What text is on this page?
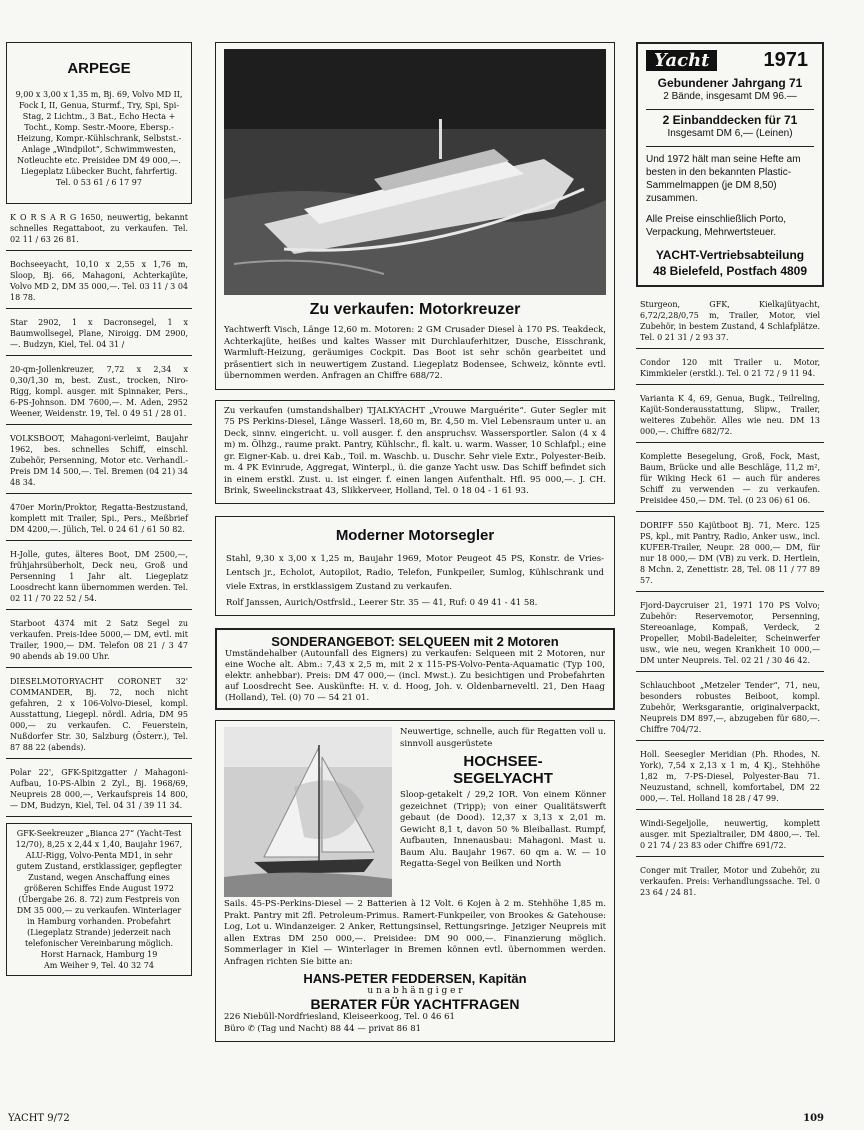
ARPEGE

9,00 x 3,00 x 1,35 m, Bj. 69, Volvo MD II, Fock I, II, Genua, Sturmf., Try, Spi, Spi-Stag, 2 Lichtm., 3 Bat., Echo Hecta + Tocht., Komp. Sestr.-Moore, Ebersp.-Heizung, Kompr.-Kühlschrank, Selbstst.-Anlage „Windpilot“, Schwimmwesten, Notleuchte etc. Preisidee DM 49 000,—. Liegeplatz Lübecker Bucht, fahrfertig. Tel. 0 53 61 / 6 17 97

K O R S A R G 1650, neuwertig, bekannt schnelles Regattaboot, zu verkaufen. Tel. 02 11 / 63 26 81.
Bochseeyacht, 10,10 x 2,55 x 1,76 m, Sloop, Bj. 66, Mahagoni, Achterkajüte, Volvo MD 2, DM 35 000,—. Tel. 03 11 / 3 04 18 78.
Star 2902, 1 x Dacronsegel, 1 x Baumwollsegel, Plane, Niroigg. DM 2900,—. Budzyn, Kiel, Tel. 04 31 /
20-qm-Jollenkreuzer, 7,72 x 2,34 x 0,30/1,30 m, best. Zust., trocken, Niro-Rigg, kompl. ausger. mit Spinnaker, Pers., 6-PS-Johnson. DM 7600,—. M. Aden, 2952 Weener, Weidenstr. 19, Tel. 0 49 51 / 28 01.
VOLKSBOOT, Mahagoni-verleimt, Baujahr 1962, bes. schnelles Schiff, einschl. Zubehör, Persenning, Motor etc. Verhandl.-Preis DM 14 500,—. Tel. Bremen (04 21) 34 48 34.
470er Morin/Proktor, Regatta-Bestzustand, komplett mit Trailer, Spi., Pers., Meßbrief DM 4200,—. Jülich, Tel. 0 24 61 / 61 50 82.
H-Jolle, gutes, älteres Boot, DM 2500,—, frühjahrsüberholt, Deck neu, Groß und Persenning 1 Jahr alt. Liegeplatz Loosdrecht kann übernommen werden. Tel. 02 11 / 70 22 52 / 54.
Starboot 4374 mit 2 Satz Segel zu verkaufen. Preis-Idee 5000,— DM, evtl. mit Trailer, 1900,— DM. Telefon 08 21 / 3 47 90 abends ab 19.00 Uhr.
DIESELMOTORYACHT CORONET 32' COMMANDER, Bj. 72, noch nicht gefahren, 2 x 106-Volvo-Diesel, kompl. Ausstattung, Liegepl. nördl. Adria, DM 95 000,— zu verkaufen. C. Feuerstein, Nußdorfer Str. 30, Salzburg (Österr.), Tel. 87 88 22 (abends).
Polar 22', GFK-Spitzgatter / Mahagoni-Aufbau, 10-PS-Albin 2 Zyl., Bj. 1968/69, Neupreis 28 000,—, Verkaufspreis 14 800,— DM, Budzyn, Kiel, Tel. 04 31 / 39 11 34.
GFK-Seekreuzer „Bianca 27“ (Yacht-Test 12/70), 8,25 x 2,44 x 1,40, Baujahr 1967, ALU-Rigg, Volvo-Penta MD1, in sehr gutem Zustand, erstklassiger, gepflegter Zustand, wegen Anschaffung eines größeren Schiffes Ende August 1972 (Übergabe 26. 8. 72) zum Festpreis von DM 35 000,— zu verkaufen. Winterlager in Hamburg vorhanden. Probefahrt (Liegeplatz Strande) jederzeit nach telefonischer Vereinbarung möglich.
Horst Harnack, Hamburg 19
Am Weiher 9, Tel. 40 32 74
Zu verkaufen: Motorkreuzer
Yachtwerft Visch, Länge 12,60 m. Motoren: 2 GM Crusader Diesel à 170 PS. Teakdeck, Achterkajüte, heißes und kaltes Wasser mit Durchlauferhitzer, Dusche, Eisschrank, Warmluft-Heizung, geräumiges Cockpit. Das Boot ist sehr schön gearbeitet und präsentiert sich in neuwertigem Zustand. Liegeplatz Bodensee, Schweiz, könnte evtl. übernommen werden. Anfragen an Chiffre 688/72.
Zu verkaufen (umstandshalber) TJALKYACHT „Vrouwe Marguérite“. Guter Segler mit 75 PS Perkins-Diesel, Länge Wasserl. 18,60 m, Br. 4,50 m. Viel Lebensraum unter u. an Deck, sinnv. eingericht. u. voll ausger. f. den anspruchsv. Wassersportler. Salon (4 x 4 m) m. Ölhzg., raume prakt. Pantry, Kühlschr., fl. kalt. u. warm. Wasser, 10 Schlafpl.; eine gr. Eigner-Kab. u. drei Kab., Toil. m. Waschb. u. Duschr. Sehr viele Extr., Polyester-Beib. m. 4 PK Evinrude, Aggregat, Winterpl., ü. die ganze Yacht usw. Das Schiff befindet sich in einem erstkl. Zust. u. ist einger. f. einen langen Aufenthalt. Hfl. 95 000,—. J. CH. Brink, Sweelinckstraat 43, Slikkerveer, Holland, Tel. 0 18 04 - 1 61 93.
Moderner Motorsegler
Stahl, 9,30 x 3,00 x 1,25 m, Baujahr 1969, Motor Peugeot 45 PS, Konstr. de Vries-Lentsch jr., Echolot, Autopilot, Radio, Telefon, Funkpeiler, Sumlog, Kühlschrank und viele Extras, in erstklassigem Zustand zu verkaufen.
Rolf Janssen, Aurich/Ostfrsld., Leerer Str. 35 — 41, Ruf: 0 49 41 - 41 58.
SONDERANGEBOT: SELQUEEN mit 2 Motoren
Umständehalber (Autounfall des Eigners) zu verkaufen: Selqueen mit 2 Motoren, nur eine Woche alt. Abm.: 7,43 x 2,5 m, mit 2 x 115-PS-Volvo-Penta-Aquamatic (Typ 100, elektr. anhebbar). Preis: DM 47 000,— (incl. Mwst.). Zu besichtigen und Probefahrten auf Loosdrecht See. Auskünfte: H. v. d. Hoog, Joh. v. Oldenbarneveltl. 21, Den Haag (Holland), Tel. (0) 70 — 54 21 01.
Neuwertige, schnelle, auch für Regatten voll u. sinnvoll ausgerüstete
HOCHSEE-SEGELYACHT
Sloop-getakelt / 29,2 IOR. Von einem Könner gezeichnet (Tripp); von einer Qualitätswerft gebaut (de Dood). 12,37 x 3,13 x 2,01 m. Gewicht 8,1 t, davon 50 % Bleiballast. Rumpf, Aufbauten, Innenausbau: Mahagoni. Mast u. Baum Alu. Baujahr 1967. 60 qm a. W. — 10 Regatta-Segel von Beilken und North
Sails. 45-PS-Perkins-Diesel — 2 Batterien à 12 Volt. 6 Kojen à 2 m. Stehhöhe 1,85 m. Prakt. Pantry mit 2fl. Petroleum-Primus. Ramert-Funkpeiler, von Brookes & Gatehouse: Log, Lot u. Windanzeiger. 2 Anker, Rettungsinsel, Rettungsringe. Jetziger Neupreis mit allen Extras DM 250 000,—. Preisidee: DM 90 000,—. Finanzierung möglich. Sommerlager in Kiel — Winterlager in Bremen können evtl. übernommen werden. Anfragen richten Sie bitte an:
HANS-PETER FEDDERSEN, Kapitän
u n a b h ä n g i g e r
BERATER FÜR YACHTFRAGEN
226 Niebüll-Nordfriesland, Kleiseerkoog, Tel. 0 46 61
Büro ✆ (Tag und Nacht) 88 44 — privat 86 81
Yacht	1971
Gebundener Jahrgang 71
2 Bände, insgesamt DM 96.—
2 Einbanddecken für 71
Insgesamt DM 6,— (Leinen)
Und 1972 hält man seine Hefte am besten in den bekannten Plastic-Sammelmappen (je DM 8,50) zusammen.
Alle Preise einschließlich Porto, Verpackung, Mehrwertsteuer.
YACHT-Vertriebsabteilung
48 Bielefeld, Postfach 4809
Sturgeon, GFK, Kielkajütyacht, 6,72/2,28/0,75 m, Trailer, Motor, viel Zubehör, in bestem Zustand, 4 Schlafplätze. Tel. 0 21 31 / 2 93 37.
Condor 120 mit Trailer u. Motor, Kimmkieler (erstkl.). Tel. 0 21 72 / 9 11 94.
Varianta K 4, 69, Genua, Bugk., Teilreling, Kajüt-Sonderausstattung, Slipw., Trailer, weiteres Zubehör. Alles wie neu. DM 13 000,—. Chiffre 682/72.
Komplette Besegelung, Groß, Fock, Mast, Baum, Brücke und alle Beschläge, 11,2 m², für Wiking Heck 61 — auch für anderes Schiff zu verwenden — zu verkaufen. Preisidee 450,— DM. Tel. (0 23 06) 61 06.
DORIFF 550 Kajütboot Bj. 71, Merc. 125 PS, kpl., mit Pantry, Radio, Anker usw., incl. KUFER-Trailer, Neupr. 28 000,— DM, für nur 18 000,— DM (VB) zu verk. D. Hertlein, 8 Mchn. 2, Zenettistr. 28, Tel. 08 11 / 77 89 57.
Fjord-Daycruiser 21, 1971 170 PS Volvo; Zubehör: Reservemotor, Persenning, Stereoanlage, Kompaß, Verdeck, 2 Propeller, Mobil-Badeleiter, Scheinwerfer usw., wie neu, wegen Krankheit 10 000,— DM unter Neupreis. Tel. 02 21 / 30 46 42.
Schlauchboot „Metzeler Tender“, 71, neu, besonders robustes Beiboot, kompl. Zubehör, Werksgarantie, originalverpackt, Neupreis DM 897,—, abzugeben für 680,—. Chiffre 704/72.
Holl. Seesegler Meridian (Ph. Rhodes, N. York), 7,54 x 2,13 x 1 m, 4 Kj., Stehhöhe 1,82 m, 7-PS-Diesel, Polyester-Bau 71. Neuzustand, schnell, komfortabel, DM 22 000,—. Tel. Holland 18 28 / 47 99.
Windi-Segeljolle, neuwertig, komplett ausger. mit Spezialtrailer, DM 4800,—. Tel. 0 21 74 / 23 83 oder Chiffre 691/72.
Conger mit Trailer, Motor und Zubehör, zu verkaufen. Preis: Verhandlungssache. Tel. 0 23 64 / 24 81.
YACHT 9/72	109
